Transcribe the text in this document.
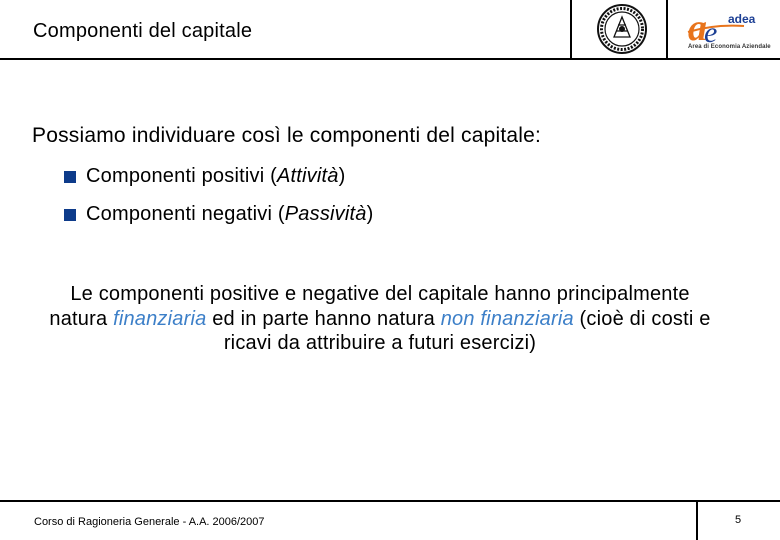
Componenti del capitale	a
e adea
Area di Economia Aziendale
Possiamo individuare così le componenti del capitale:
Componenti positivi ( Attività )
Componenti negativi ( Passività )
Le componenti positive e negative del capitale hanno principalmente natura finanziaria ed in parte hanno natura non finanziaria (cioè di costi e ricavi da attribuire a futuri esercizi)
Corso di Ragioneria Generale - A.A. 2006/2007	5
